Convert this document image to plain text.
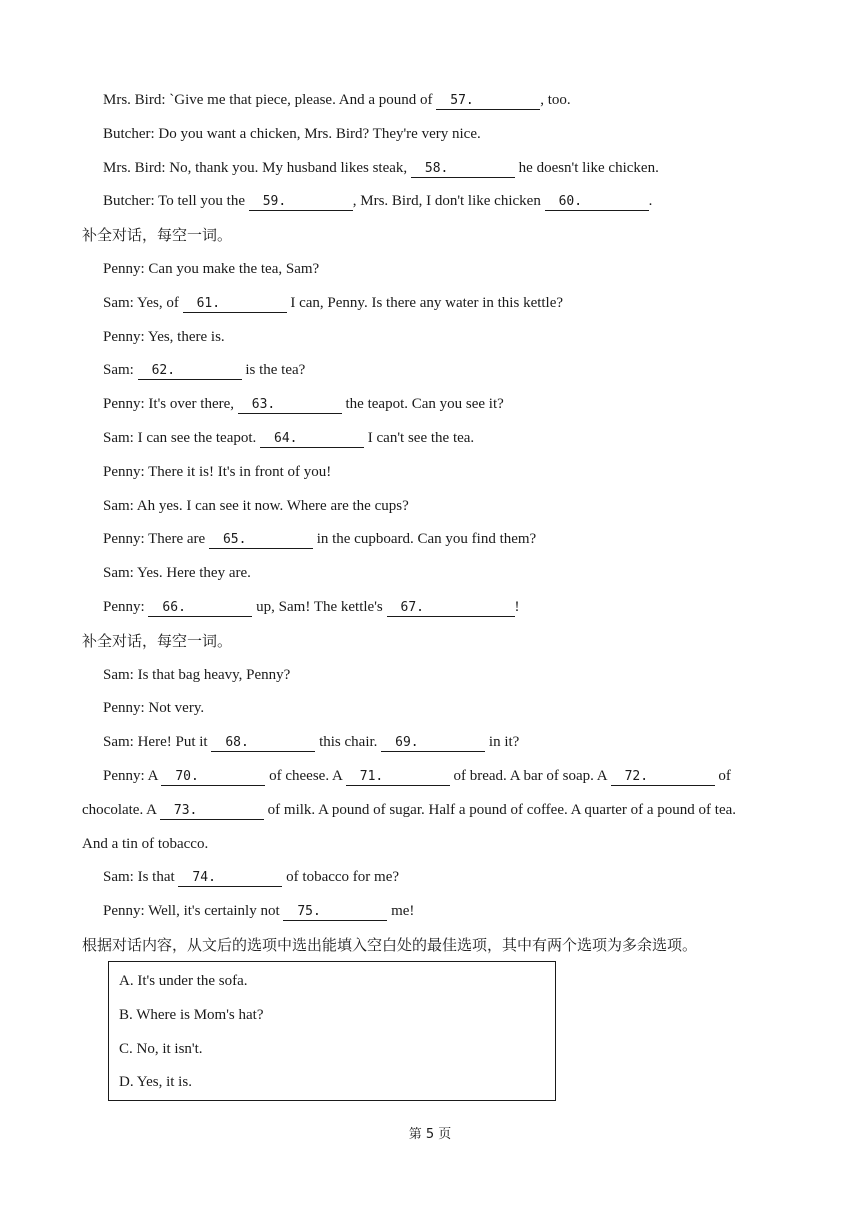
Mrs. Bird: `Give me that piece, please. And a pound of 57.	, too.
Butcher: Do you want a chicken, Mrs. Bird? They're very nice.
Mrs. Bird: No, thank you. My husband likes steak, 58.	he doesn't like chicken.
Butcher: To tell you the 59.	, Mrs. Bird, I don't like chicken 60.	.
补全对话，每空一词。
Penny: Can you make the tea, Sam?
Sam: Yes, of 61.	I can, Penny. Is there any water in this kettle?
Penny: Yes, there is.
Sam: 62.	is the tea?
Penny: It's over there, 63.	the teapot. Can you see it?
Sam: I can see the teapot. 64.	I can't see the tea.
Penny: There it is! It's in front of you!
Sam: Ah yes. I can see it now. Where are the cups?
Penny: There are 65.	in the cupboard. Can you find them?
Sam: Yes. Here they are.
Penny: 66.	up, Sam! The kettle's 67.	!
补全对话，每空一词。
Sam: Is that bag heavy, Penny?
Penny: Not very.
Sam: Here! Put it 68.	this chair. 69.	in it?
Penny: A 70.	of cheese. A 71.	of bread. A bar of soap. A 72.	of
chocolate. A 73.	of milk. A pound of sugar. Half a pound of coffee. A quarter of a pound of tea.
And a tin of tobacco.
Sam: Is that 74.	of tobacco for me?
Penny: Well, it's certainly not 75.	me!
根据对话内容，从文后的选项中选出能填入空白处的最佳选项，其中有两个选项为多余选项。
A. It's under the sofa.
B. Where is Mom's hat?
C. No, it isn't.
D. Yes, it is.
第 5 页
